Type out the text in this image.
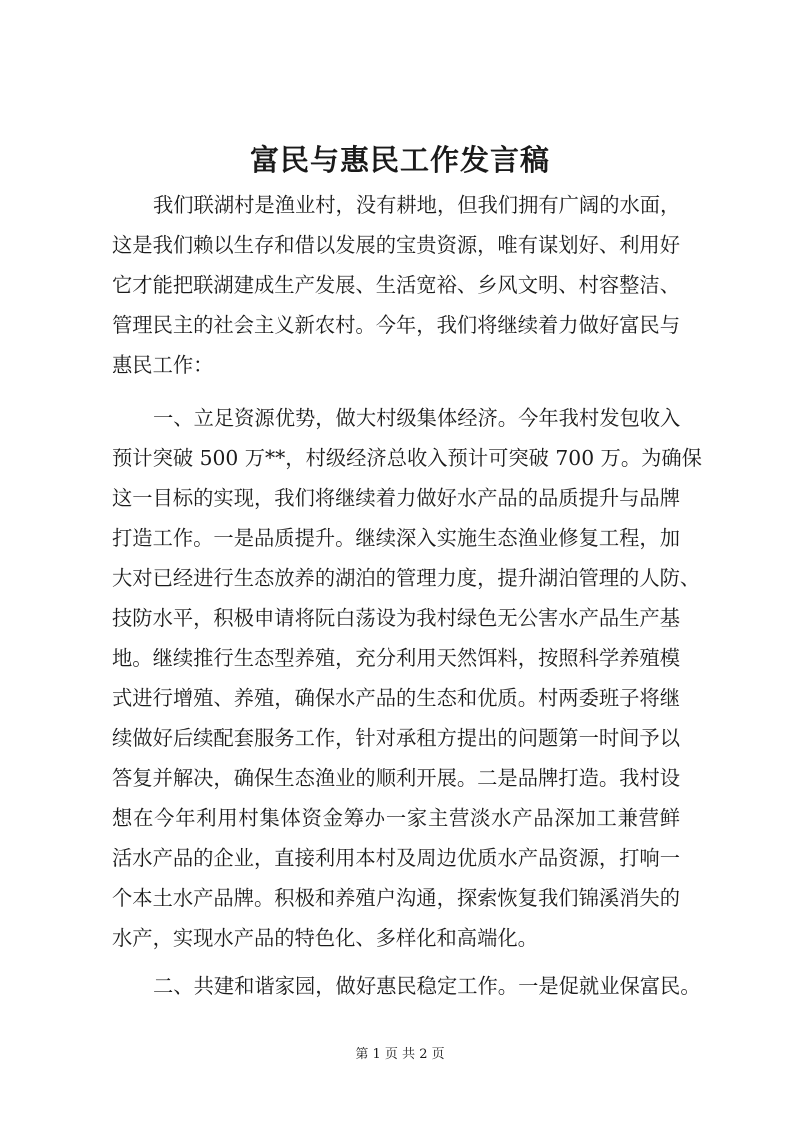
富民与惠民工作发言稿
我们联湖村是渔业村，没有耕地，但我们拥有广阔的水面，
这是我们赖以生存和借以发展的宝贵资源，唯有谋划好、利用好
它才能把联湖建成生产发展、生活宽裕、乡风文明、村容整洁、
管理民主的社会主义新农村。今年，我们将继续着力做好富民与
惠民工作：
一、立足资源优势，做大村级集体经济。今年我村发包收入
预计突破 500 万**，村级经济总收入预计可突破 700 万。为确保
这一目标的实现，我们将继续着力做好水产品的品质提升与品牌
打造工作。一是品质提升。继续深入实施生态渔业修复工程，加
大对已经进行生态放养的湖泊的管理力度，提升湖泊管理的人防、
技防水平，积极申请将阮白荡设为我村绿色无公害水产品生产基
地。继续推行生态型养殖，充分利用天然饵料，按照科学养殖模
式进行增殖、养殖，确保水产品的生态和优质。村两委班子将继
续做好后续配套服务工作，针对承租方提出的问题第一时间予以
答复并解决，确保生态渔业的顺利开展。二是品牌打造。我村设
想在今年利用村集体资金筹办一家主营淡水产品深加工兼营鲜
活水产品的企业，直接利用本村及周边优质水产品资源，打响一
个本土水产品牌。积极和养殖户沟通，探索恢复我们锦溪消失的
水产，实现水产品的特色化、多样化和高端化。
二、共建和谐家园，做好惠民稳定工作。一是促就业保富民。
第 1 页 共 2 页
